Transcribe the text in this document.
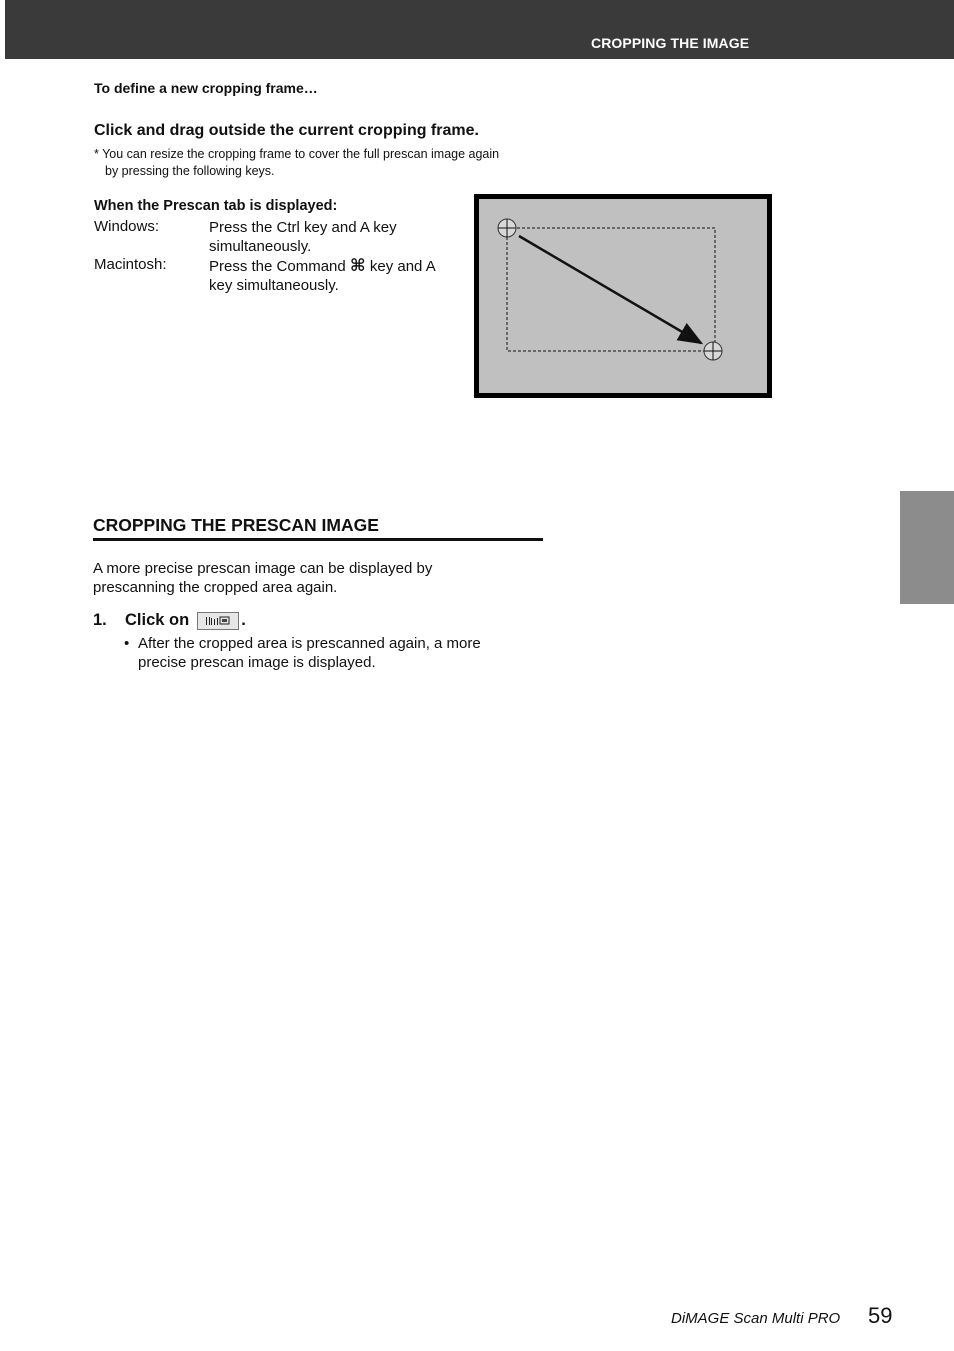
CROPPING THE IMAGE
To define a new cropping frame…
Click and drag outside the current cropping frame.
* You can resize the cropping frame to cover the full prescan image again
by pressing the following keys.
When the Prescan tab is displayed:
Windows:	Press the Ctrl key and A key
simultaneously.
Macintosh:	Press the Command ⌘ key and A
key simultaneously.
CROPPING THE PRESCAN IMAGE
A more precise prescan image can be displayed by
prescanning the cropped area again.
1.	Click on	.
• After the cropped area is prescanned again, a more
precise prescan image is displayed.
DiMAGE Scan Multi PRO 59
